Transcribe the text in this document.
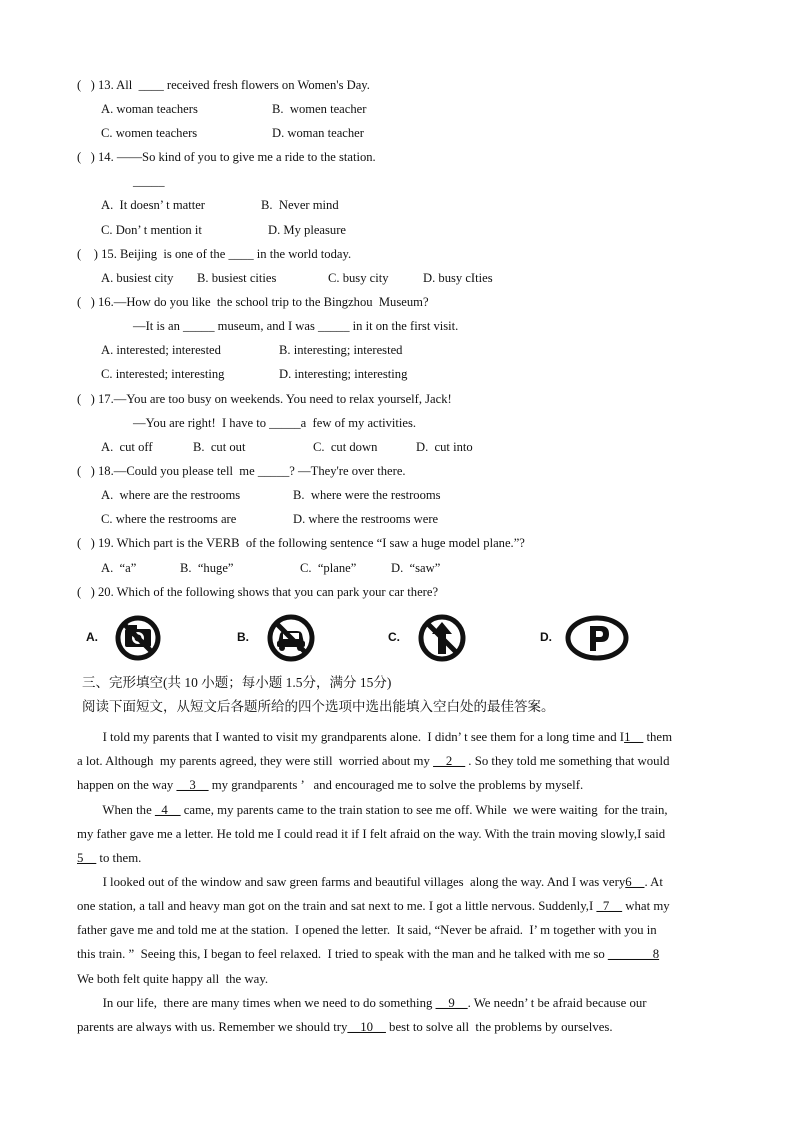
(   ) 13. All  ____ received fresh flowers on Women's Day.
A. woman teachers	B.  women teacher
C. women teachers	D. woman teacher
(   ) 14. ——So kind of you to give me a ride to the station.
_____
A.  It doesn’ t matter	B.  Never mind
C. Don’ t mention it	D. My pleasure
(    ) 15. Beijing  is one of the ____ in the world today.
A. busiest city B. busiest cities	C. busy city	D. busy cIties
(   ) 16.—How do you like  the school trip to the Bingzhou  Museum?
—It is an _____ museum, and I was _____ in it on the first visit.
A. interested; interested	B. interesting; interested
C. interested; interesting	D. interesting; interesting
(   ) 17.—You are too busy on weekends. You need to relax yourself, Jack!
—You are right!  I have to _____a  few of my activities.
A.  cut off	B.  cut out	C.  cut down	D.  cut into
(   ) 18.—Could you please tell  me _____? —They're over there.
A.  where are the restrooms	B.  where were the restrooms
C. where the restrooms are	D. where the restrooms were
(   ) 19. Which part is the VERB  of the following sentence “I saw a huge model plane.”?
A.  “a”	B.  “huge”	C.  “plane”	D.  “saw”
(   ) 20. Which of the following shows that you can park your car there?
A.	B.	C.	D.
三、完形填空(共 10 小题；每小题 1.5分，满分 15分)
阅读下面短文，从短文后各题所给的四个选项中选出能填入空白处的最佳答案。
I told my parents that I wanted to visit my grandparents alone.  I didn’ t see them for a long time and I1__ them
a lot. Although  my parents agreed, they were still  worried about my __2__ . So they told me something that would
happen on the way __3__ my grandparents ’   and encouraged me to solve the problems by myself.
When the _4__ came, my parents came to the train station to see me off. While  we were waiting  for the train,
my father gave me a letter. He told me I could read it if I felt afraid on the way. With the train moving slowly,I said
5__ to them.
I looked out of the window and saw green farms and beautiful villages  along the way. And I was very6__. At
one station, a tall and heavy man got on the train and sat next to me. I got a little nervous. Suddenly,I _7__ what my
father gave me and told me at the station.  I opened the letter.  It said, “Never be afraid.  I’ m together with you in
this train. ”  Seeing this, I began to feel relaxed.  I tried to speak with the man and he talked with me so _______8
We both felt quite happy all  the way.
In our life,  there are many times when we need to do something __9__. We needn’ t be afraid because our
parents are always with us. Remember we should try__10__ best to solve all  the problems by ourselves.
